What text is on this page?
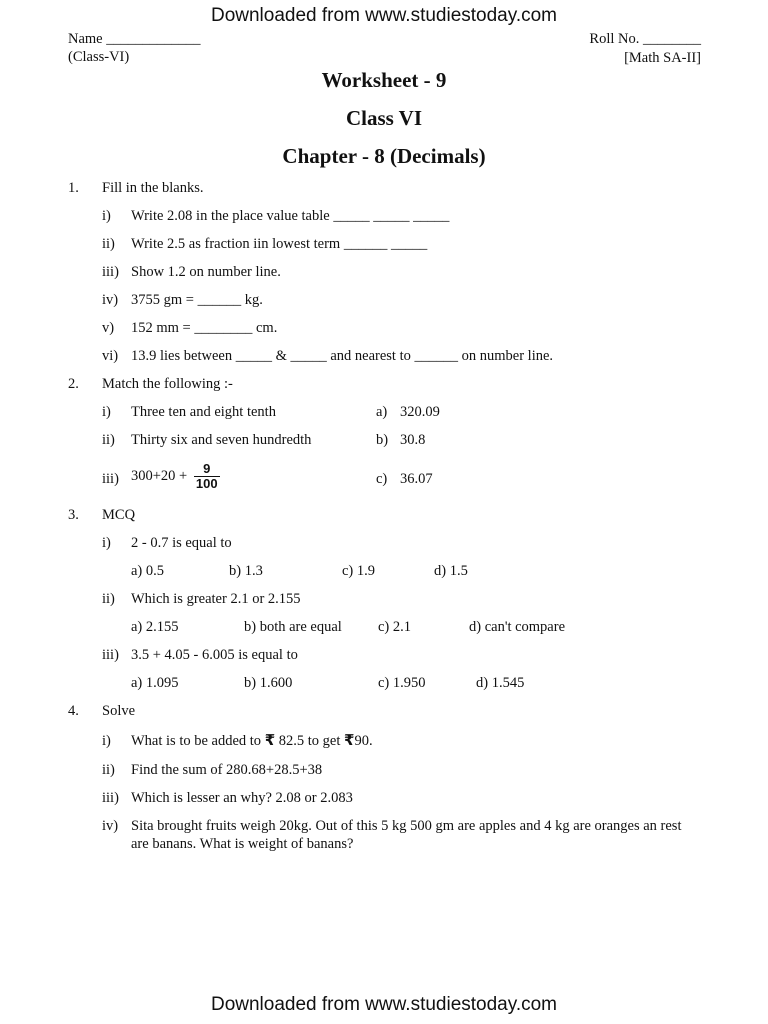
Downloaded from www.studiestoday.com
Name _____________	Roll No. ________
(Class-VI)	[Math SA-II]
Worksheet - 9
Class VI
Chapter - 8 (Decimals)
1. Fill in the blanks.
i) Write 2.08 in the place value table _____ _____ _____
ii) Write 2.5 as fraction iin lowest term ______ _____
iii) Show 1.2 on number line.
iv) 3755 gm = ______ kg.
v) 152 mm = ________ cm.
vi) 13.9 lies between _____ & _____ and nearest to ______ on number line.
2. Match the following :-
i) Three ten and eight tenth	a) 320.09
ii) Thirty six and seven hundredth	b) 30.8
iii) $300+20 + \frac{9}{100}$	c) 36.07
3. MCQ
i) 2 - 0.7 is equal to
a) 0.5	b) 1.3	c) 1.9	d) 1.5
ii) Which is greater 2.1 or 2.155
a) 2.155	b) both are equal c) 2.1	d) can't compare
iii) 3.5 + 4.05 - 6.005 is equal to
a) 1.095	b) 1.600	c) 1.950	d) 1.545
4. Solve
i) What is to be added to ₹ 82.5 to get ₹90.
ii) Find the sum of 280.68+28.5+38
iii) Which is lesser an why? 2.08 or 2.083
iv) Sita brought fruits weigh 20kg. Out of this 5 kg 500 gm are apples and 4 kg are oranges an rest
are banans. What is weight of banans?
Downloaded from www.studiestoday.com
